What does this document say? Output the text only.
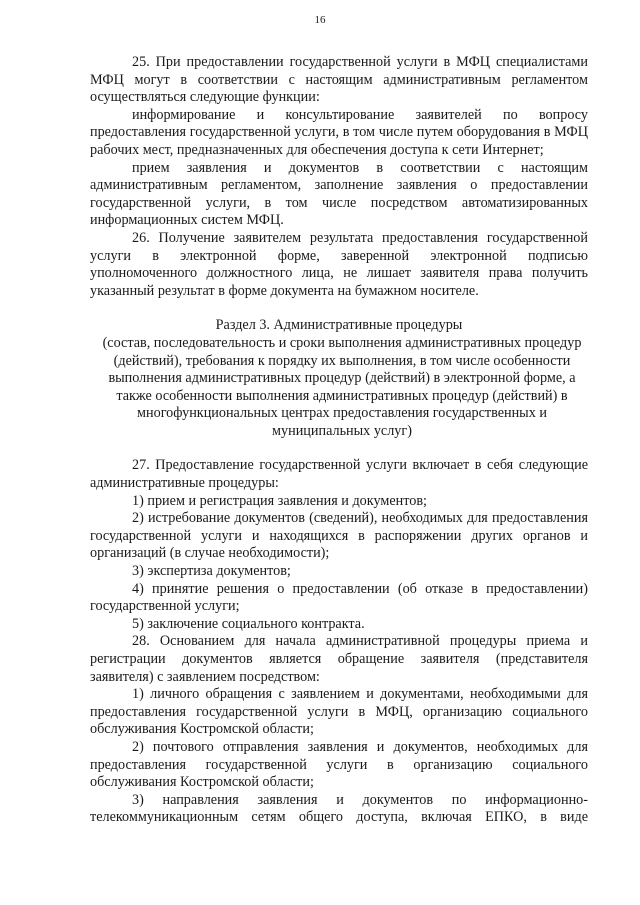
16

25. При предоставлении государственной услуги в МФЦ специалистами МФЦ могут в соответствии с настоящим административным регламентом осуществляться следующие функции:

информирование и консультирование заявителей по вопросу предоставления государственной услуги, в том числе путем оборудования в МФЦ рабочих мест, предназначенных для обеспечения доступа к сети Интернет;

прием заявления и документов в соответствии с настоящим административным регламентом, заполнение заявления о предоставлении государственной услуги, в том числе посредством автоматизированных информационных систем МФЦ.

26. Получение заявителем результата предоставления государственной услуги в электронной форме, заверенной электронной подписью уполномоченного должностного лица, не лишает заявителя права получить указанный результат в форме документа на бумажном носителе.

Раздел 3. Административные процедуры
(состав, последовательность и сроки выполнения административных процедур (действий), требования к порядку их выполнения, в том числе особенности выполнения административных процедур (действий) в электронной форме, а также особенности выполнения административных процедур (действий) в многофункциональных центрах предоставления государственных и муниципальных услуг)

27. Предоставление государственной услуги включает в себя следующие административные процедуры:

1) прием и регистрация заявления и документов;

2) истребование документов (сведений), необходимых для предоставления государственной услуги и находящихся в распоряжении других органов и организаций (в случае необходимости);

3) экспертиза документов;

4) принятие решения о предоставлении (об отказе в предоставлении) государственной услуги;

5) заключение социального контракта.

28. Основанием для начала административной процедуры приема и регистрации документов является обращение заявителя (представителя заявителя) с заявлением посредством:

1) личного обращения с заявлением и документами, необходимыми для предоставления государственной услуги в МФЦ, организацию социального обслуживания Костромской области;

2) почтового отправления заявления и документов, необходимых для предоставления государственной услуги в организацию социального обслуживания Костромской области;

3) направления заявления и документов по информационно-телекоммуникационным сетям общего доступа, включая ЕПКО, в виде
